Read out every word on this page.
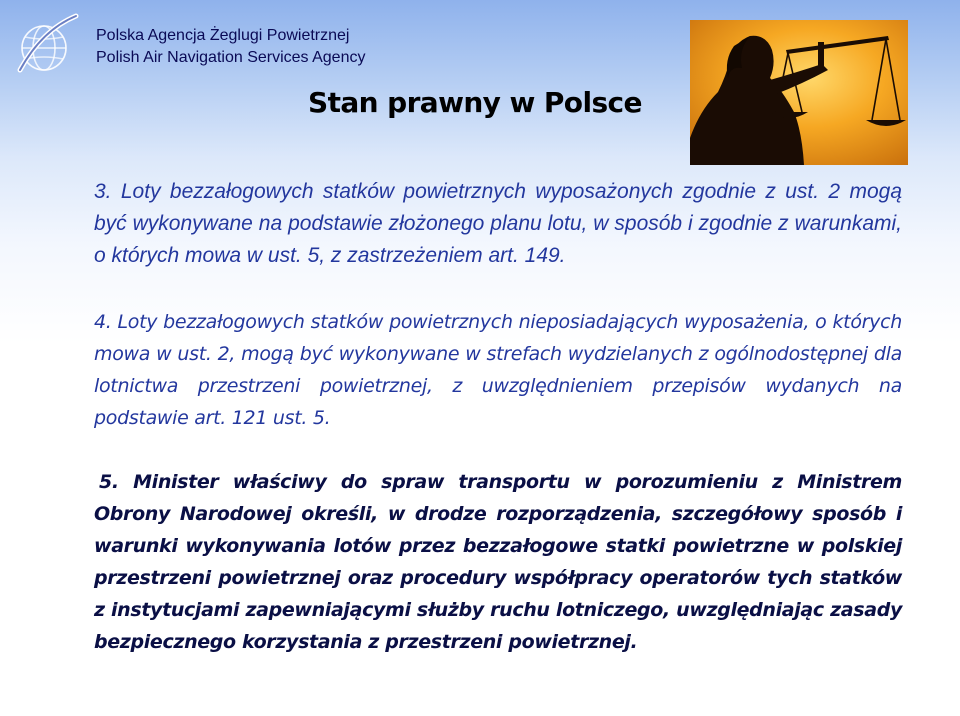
Polska Agencja Żeglugi Powietrznej
Polish Air Navigation Services Agency
Stan prawny w Polsce

3. Loty bezzałogowych statków powietrznych wyposażonych zgodnie z ust. 2 mogą być wykonywane na podstawie złożonego planu lotu, w sposób i zgodnie z warunkami, o których mowa w ust. 5, z zastrzeżeniem art. 149.

4. Loty bezzałogowych statków powietrznych nieposiadających wyposażenia, o których mowa w ust. 2, mogą być wykonywane w strefach wydzielanych z ogólnodostępnej dla lotnictwa przestrzeni powietrznej, z uwzględnieniem przepisów wydanych na podstawie art. 121 ust. 5.

5. Minister właściwy do spraw transportu w porozumieniu z Ministrem Obrony Narodowej określi, w drodze rozporządzenia, szczegółowy sposób i warunki wykonywania lotów przez bezzałogowe statki powietrzne w polskiej przestrzeni powietrznej oraz procedury współpracy operatorów tych statków z instytucjami zapewniającymi służby ruchu lotniczego, uwzględniając zasady bezpiecznego korzystania z przestrzeni powietrznej.
